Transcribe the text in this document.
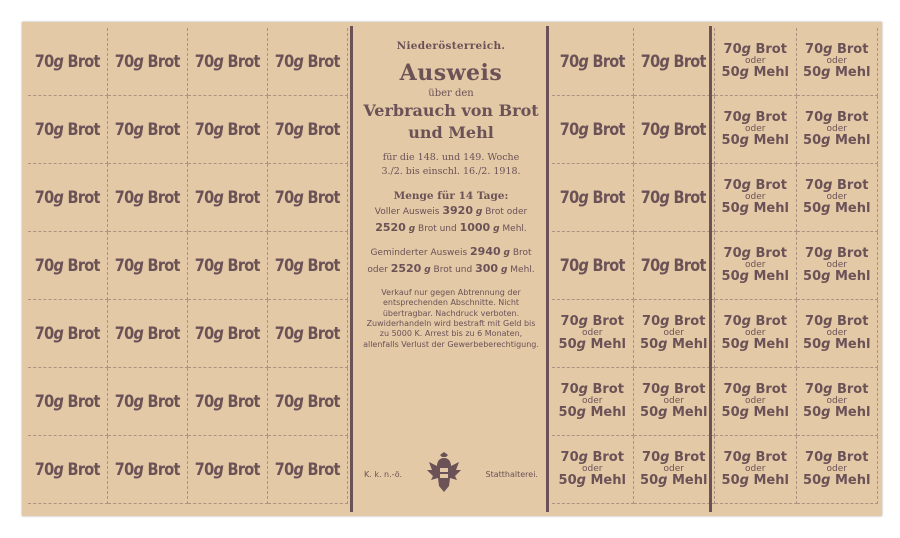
70g Brot 70g Brot 70g Brot 70g Brot
70g Brot 70g Brot 70g Brot 70g Brot
70g Brot 70g Brot 70g Brot 70g Brot
70g Brot 70g Brot 70g Brot 70g Brot
70g Brot 70g Brot 70g Brot 70g Brot
70g Brot 70g Brot 70g Brot 70g Brot
70g Brot 70g Brot 70g Brot 70g Brot
Niederösterreich.
Ausweis
über den
Verbrauch von Brot
und Mehl
für die 148. und 149. Woche
3./2. bis einschl. 16./2. 1918.
Menge für 14 Tage:
Voller Ausweis 3920 g Brot oder
2520 g Brot und 1000 g Mehl.
Geminderter Ausweis 2940 g Brot
oder 2520 g Brot und 300 g Mehl.
Verkauf nur gegen Abtrennung der entsprechenden Abschnitte. Nicht übertragbar. Nachdruck verboten. Zuwiderhandeln wird bestraft mit Geld bis zu 5000 K. Arrest bis zu 6 Monaten, allenfalls Verlust der Gewerbeberechtigung.
K. k. n.-ö.	Statthalterei.
70g Brot 70g Brot
70g Brot
oder
50g Mehl
70g Brot
oder
50g Mehl
70g Brot 70g Brot
70g Brot
oder
50g Mehl
70g Brot
oder
50g Mehl
70g Brot 70g Brot
70g Brot
oder
50g Mehl
70g Brot
oder
50g Mehl
70g Brot 70g Brot
70g Brot
oder
50g Mehl
70g Brot
oder
50g Mehl
70g Brot
oder
50g Mehl
70g Brot
oder
50g Mehl
70g Brot
oder
50g Mehl
70g Brot
oder
50g Mehl
70g Brot
oder
50g Mehl
70g Brot
oder
50g Mehl
70g Brot
oder
50g Mehl
70g Brot
oder
50g Mehl
70g Brot
oder
50g Mehl
70g Brot
oder
50g Mehl
70g Brot
oder
50g Mehl
70g Brot
oder
50g Mehl
